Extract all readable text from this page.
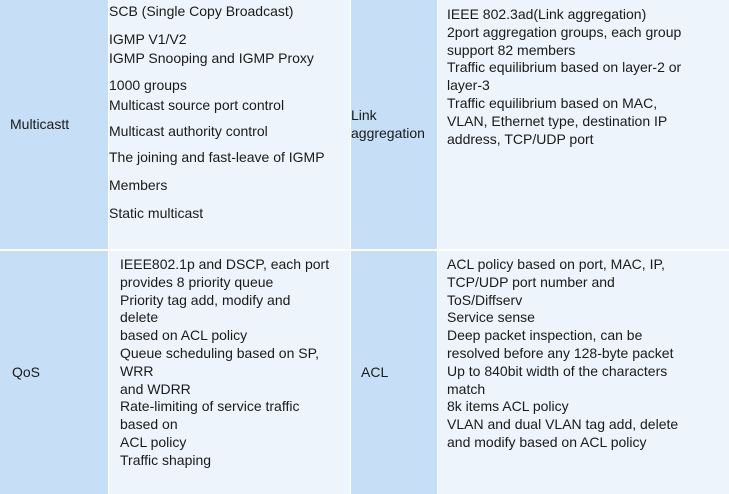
Multicastt
SCB (Single Copy Broadcast)
IGMP V1/V2
IGMP Snooping and IGMP Proxy
1000 groups
Multicast source port control
Multicast authority control
The joining and fast-leave of IGMP
Members
Static multicast
Link
aggregation
IEEE 802.3ad(Link aggregation)
2port aggregation groups, each group
support 82 members
Traffic equilibrium based on layer-2 or
layer-3
Traffic equilibrium based on MAC,
VLAN, Ethernet type, destination IP
address, TCP/UDP port
QoS
IEEE802.1p and DSCP, each port
provides 8 priority queue
Priority tag add, modify and
delete
based on ACL policy
Queue scheduling based on SP,
WRR
and WDRR
Rate-limiting of service traffic
based on
ACL policy
Traffic shaping
ACL
ACL policy based on port, MAC, IP,
TCP/UDP port number and
ToS/Diffserv
Service sense
Deep packet inspection, can be
resolved before any 128-byte packet
Up to 840bit width of the characters
match
8k items ACL policy
VLAN and dual VLAN tag add, delete
and modify based on ACL policy
